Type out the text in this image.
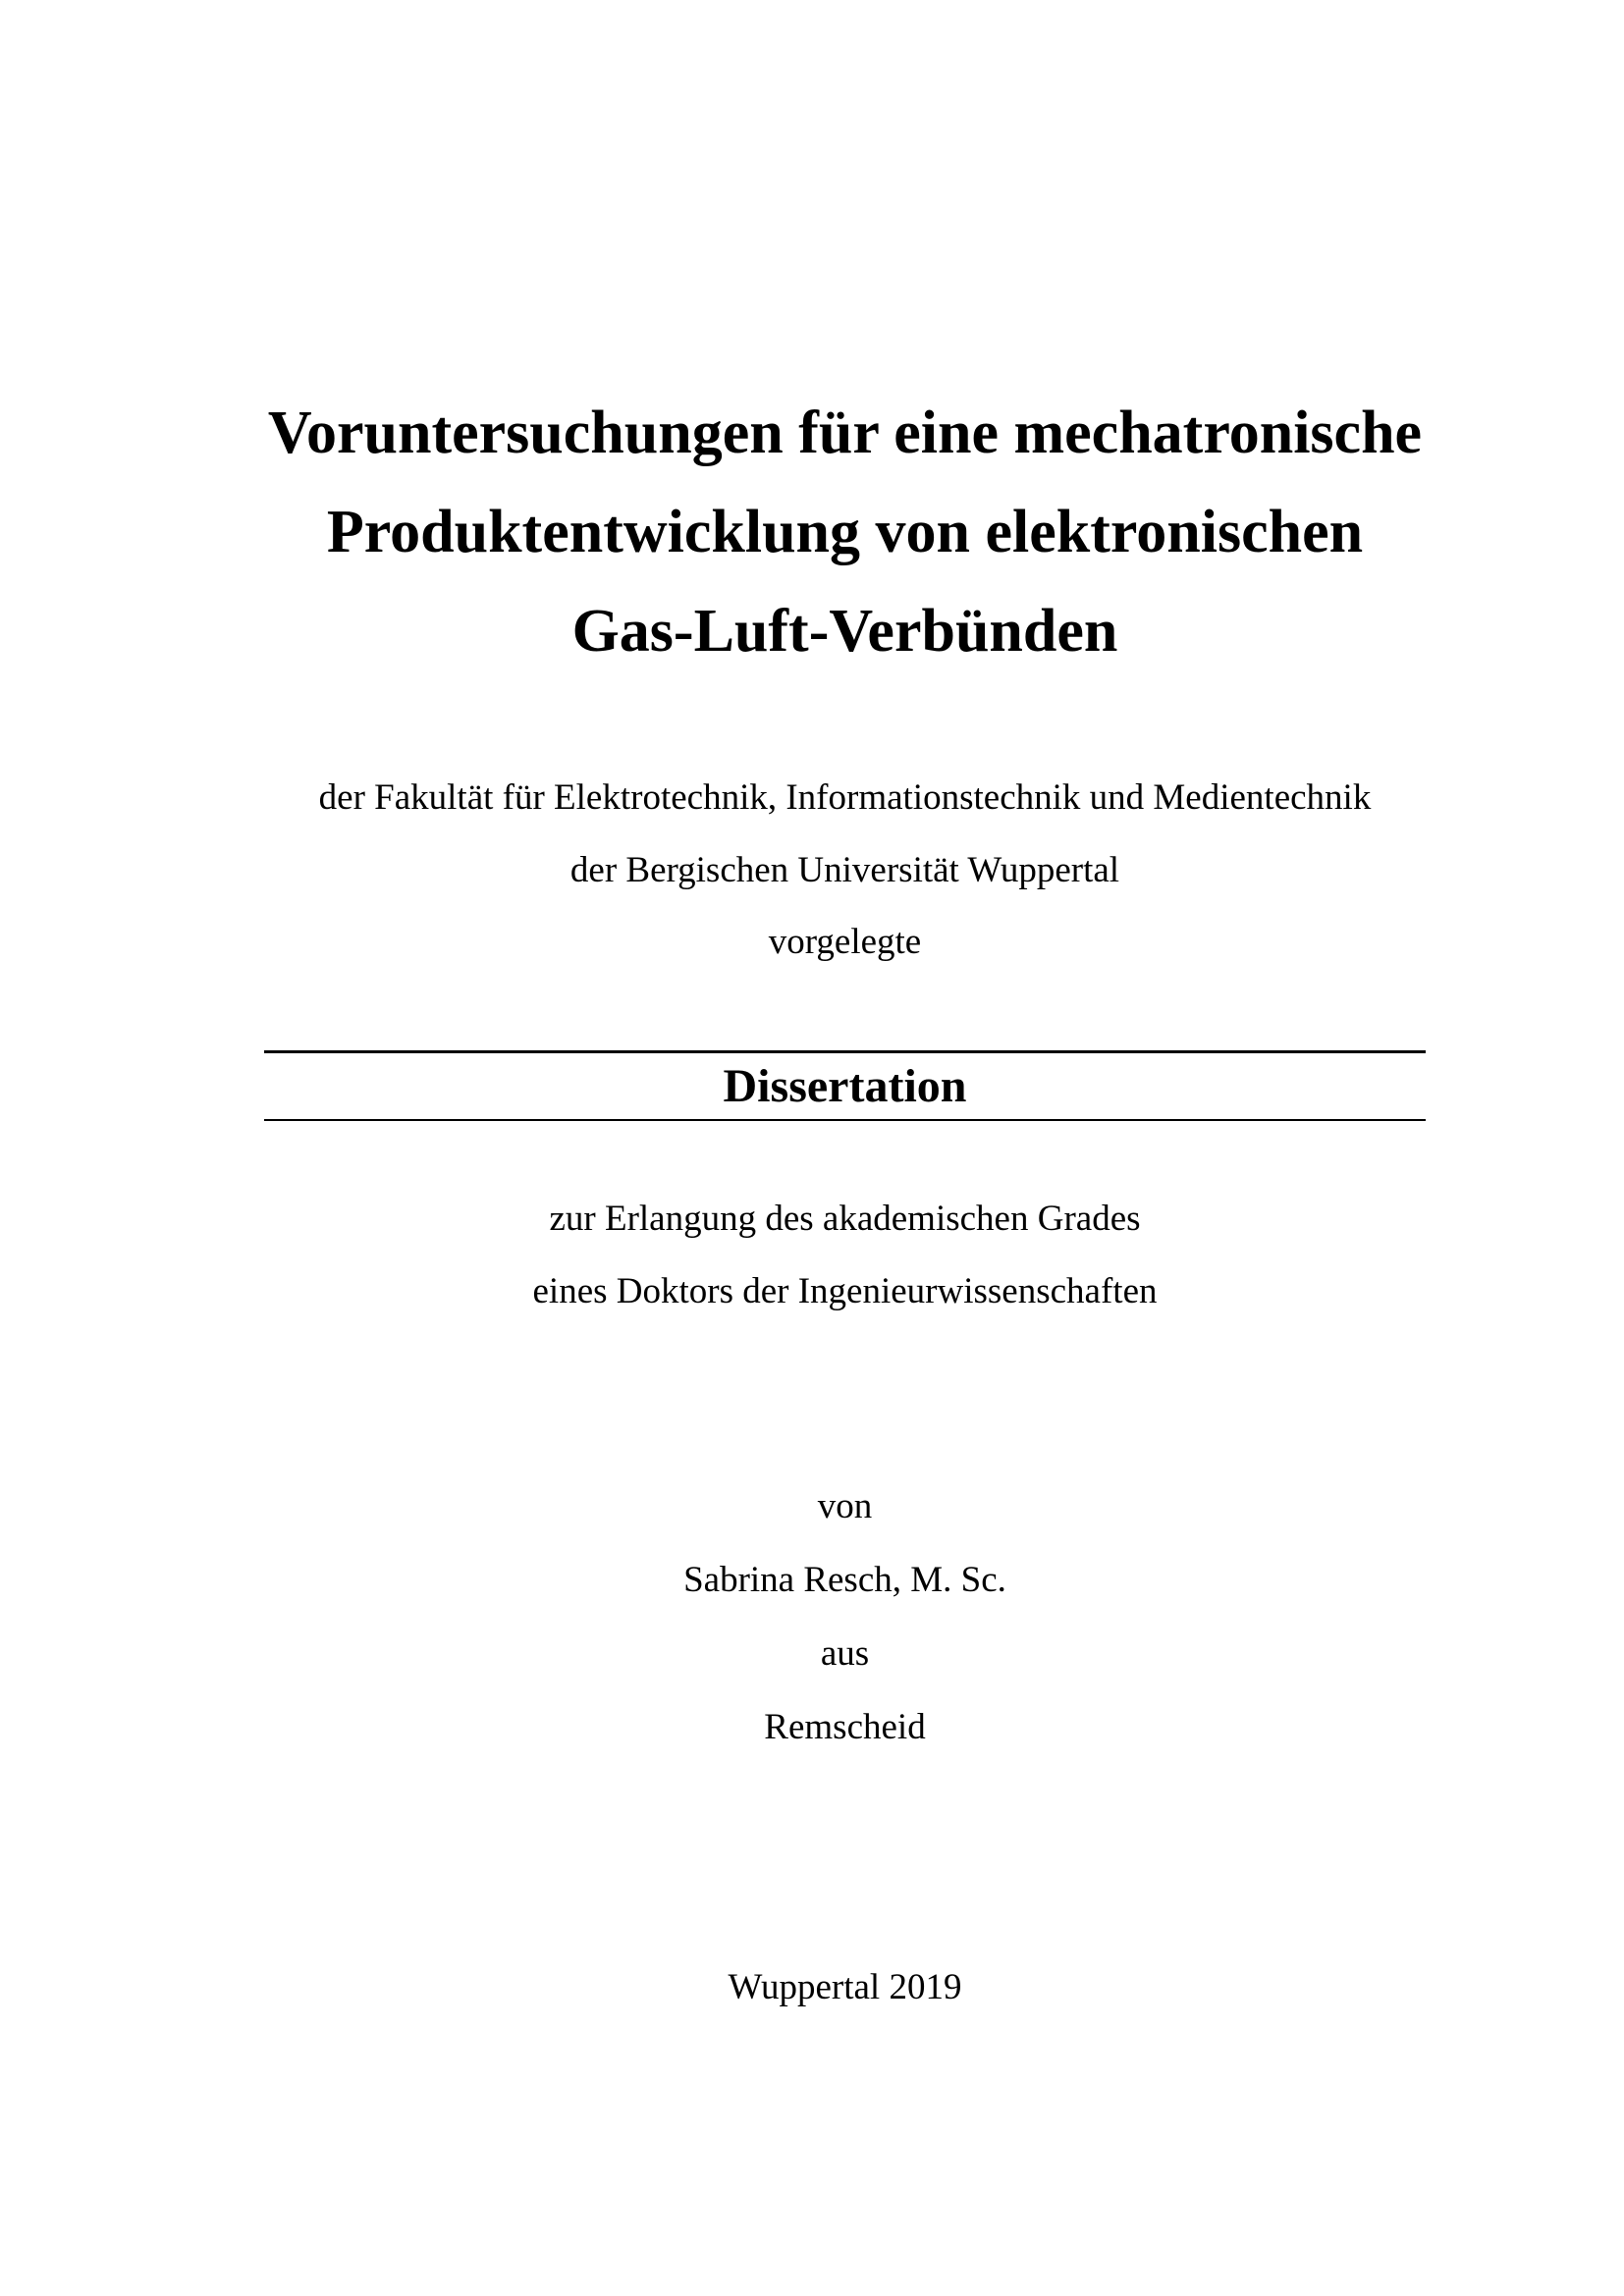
Voruntersuchungen für eine mechatronische
Produktentwicklung von elektronischen
Gas-Luft-Verbünden
der Fakultät für Elektrotechnik, Informationstechnik und Medientechnik
der Bergischen Universität Wuppertal
vorgelegte
Dissertation
zur Erlangung des akademischen Grades
eines Doktors der Ingenieurwissenschaften
von
Sabrina Resch, M. Sc.
aus
Remscheid
Wuppertal 2019
